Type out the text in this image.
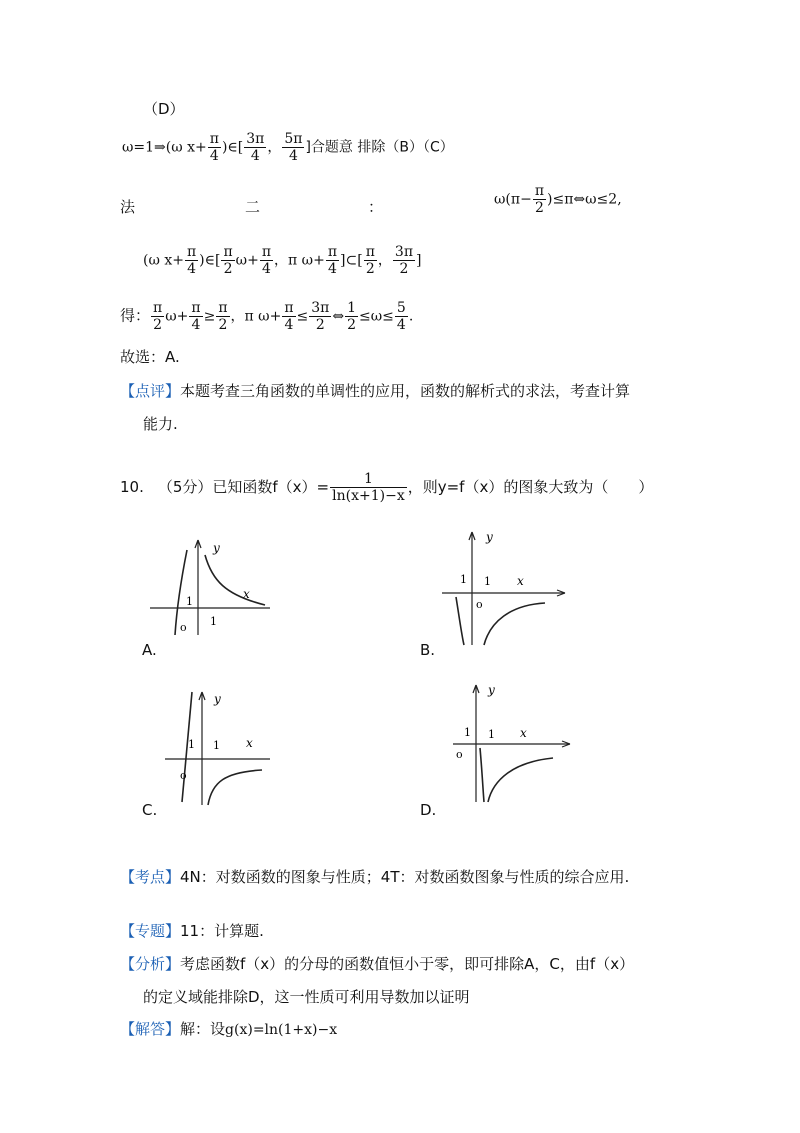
（D）
ω=1⇒(ω $x+ \frac{\pi}{4}$ )∈[ $\frac{3\pi}{4}$ ， $\frac{5\pi}{4}$ ]合题意 排除（B）（C）
法	二	：	$\omega(\pi- \frac{\pi}{2}$ )≤π⇔ω≤2,
(ω $x+ \frac{\pi}{4}$ )∈[ $\frac{\pi}{2} \omega+ \frac{\pi}{4}$ ，π $\omega+ \frac{\pi}{4}$ ]⊂[ $\frac{\pi}{2}$ ， $\frac{3\pi}{2}$ ]
得： $\frac{\pi}{2} \omega+ \frac{\pi}{4} \ge \frac{\pi}{2}$ ，π $\omega+ \frac{\pi}{4} \le \frac{3\pi}{2}$ ⇔ $\frac{1}{2} \le\omega\le \frac{5}{4}$ .
故选：A.
【点评】本题考查三角函数的单调性的应用，函数的解析式的求法，考查计算
能力.
10. （5分）已知函数$f(x)= \frac{1}{\ln(x+1)-x}$ ，则y=f（x）的图象大致为（　　）
y
x
1
1
o
A.
y
x
1 1
o
B.
y
x
1 1
o
C.
y
x
1 1
o
D.
【考点】4N：对数函数的图象与性质；4T：对数函数图象与性质的综合应用.
【专题】11：计算题.
【分析】考虑函数f（x）的分母的函数值恒小于零，即可排除A，C，由f（x）
的定义域能排除D，这一性质可利用导数加以证明
【解答】解：设g(x)=ln(1+x)−x
